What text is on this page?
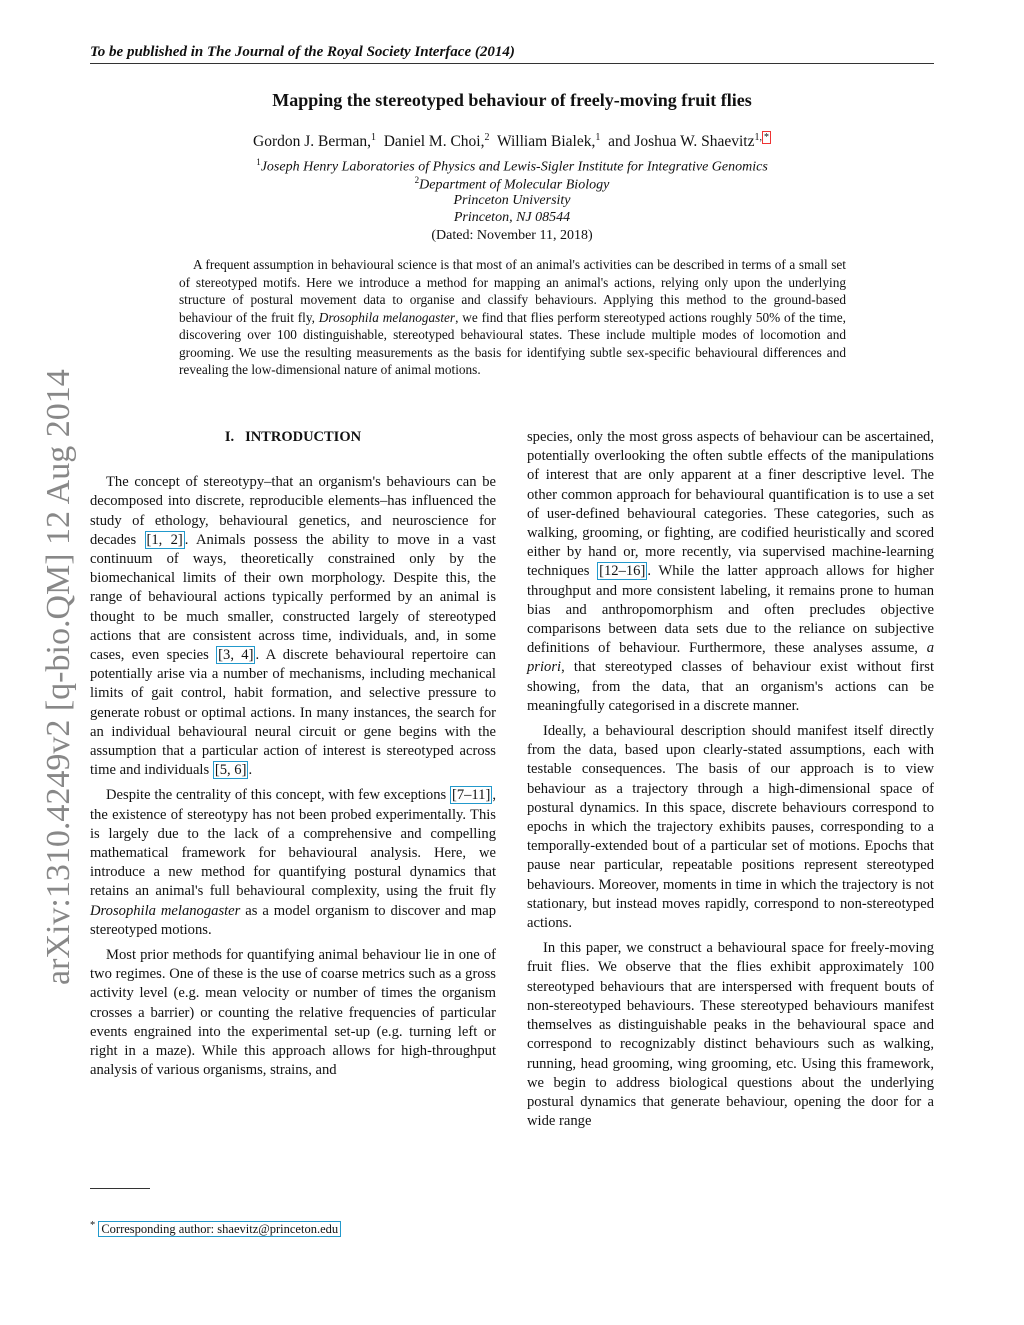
To be published in The Journal of the Royal Society Interface (2014)
arXiv:1310.4249v2 [q-bio.QM] 12 Aug 2014
Mapping the stereotyped behaviour of freely-moving fruit flies
Gordon J. Berman,$^1$ Daniel M. Choi,$^2$ William Bialek,$^1$ and Joshua W. Shaevitz$^{1,}$ *
$^1$Joseph Henry Laboratories of Physics and Lewis-Sigler Institute for Integrative Genomics
$^2$Department of Molecular Biology
Princeton University
Princeton, NJ 08544
(Dated: November 11, 2018)

A frequent assumption in behavioural science is that most of an animal's activities can be described in terms of a small set of stereotyped motifs. Here we introduce a method for mapping an animal's actions, relying only upon the underlying structure of postural movement data to organise and classify behaviours. Applying this method to the ground-based behaviour of the fruit fly, Drosophila melanogaster, we find that flies perform stereotyped actions roughly 50% of the time, discovering over 100 distinguishable, stereotyped behavioural states. These include multiple modes of locomotion and grooming. We use the resulting measurements as the basis for identifying subtle sex-specific behavioural differences and revealing the low-dimensional nature of animal motions.

I. INTRODUCTION

The concept of stereotypy–that an organism's behaviours can be decomposed into discrete, reproducible elements–has influenced the study of ethology, behavioural genetics, and neuroscience for decades [1, 2] . Animals possess the ability to move in a vast continuum of ways, theoretically constrained only by the biomechanical limits of their own morphology. Despite this, the range of behavioural actions typically performed by an animal is thought to be much smaller, constructed largely of stereotyped actions that are consistent across time, individuals, and, in some cases, even species [3, 4] . A discrete behavioural repertoire can potentially arise via a number of mechanisms, including mechanical limits of gait control, habit formation, and selective pressure to generate robust or optimal actions. In many instances, the search for an individual behavioural neural circuit or gene begins with the assumption that a particular action of interest is stereotyped across time and individuals [5, 6] .

Despite the centrality of this concept, with few exceptions [7–11] , the existence of stereotypy has not been probed experimentally. This is largely due to the lack of a comprehensive and compelling mathematical framework for behavioural analysis. Here, we introduce a new method for quantifying postural dynamics that retains an animal's full behavioural complexity, using the fruit fly Drosophila melanogaster as a model organism to discover and map stereotyped motions.

Most prior methods for quantifying animal behaviour lie in one of two regimes. One of these is the use of coarse metrics such as a gross activity level (e.g. mean velocity or number of times the organism crosses a barrier) or counting the relative frequencies of particular events engrained into the experimental set-up (e.g. turning left or right in a maze). While this approach allows for high-throughput analysis of various organisms, strains, and

species, only the most gross aspects of behaviour can be ascertained, potentially overlooking the often subtle effects of the manipulations of interest that are only apparent at a finer descriptive level. The other common approach for behavioural quantification is to use a set of user-defined behavioural categories. These categories, such as walking, grooming, or fighting, are codified heuristically and scored either by hand or, more recently, via supervised machine-learning techniques [12–16] . While the latter approach allows for higher throughput and more consistent labeling, it remains prone to human bias and anthropomorphism and often precludes objective comparisons between data sets due to the reliance on subjective definitions of behaviour. Furthermore, these analyses assume, a priori, that stereotyped classes of behaviour exist without first showing, from the data, that an organism's actions can be meaningfully categorised in a discrete manner.

Ideally, a behavioural description should manifest itself directly from the data, based upon clearly-stated assumptions, each with testable consequences. The basis of our approach is to view behaviour as a trajectory through a high-dimensional space of postural dynamics. In this space, discrete behaviours correspond to epochs in which the trajectory exhibits pauses, corresponding to a temporally-extended bout of a particular set of motions. Epochs that pause near particular, repeatable positions represent stereotyped behaviours. Moreover, moments in time in which the trajectory is not stationary, but instead moves rapidly, correspond to non-stereotyped actions.

In this paper, we construct a behavioural space for freely-moving fruit flies. We observe that the flies exhibit approximately 100 stereotyped behaviours that are interspersed with frequent bouts of non-stereotyped behaviours. These stereotyped behaviours manifest themselves as distinguishable peaks in the behavioural space and correspond to recognizably distinct behaviours such as walking, running, head grooming, wing grooming, etc. Using this framework, we begin to address biological questions about the underlying postural dynamics that generate behaviour, opening the door for a wide range

* Corresponding author: shaevitz@princeton.edu
